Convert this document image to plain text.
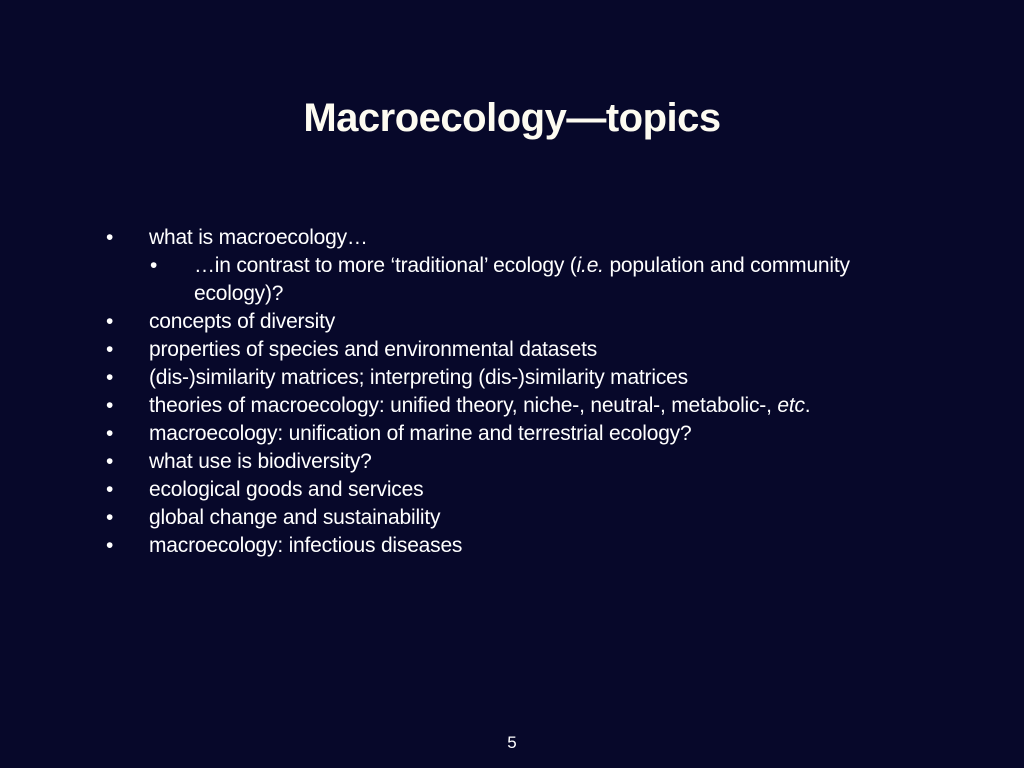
Macroecology—topics
•	what is macroecology…
•	…in contrast to more ‘traditional’ ecology (i.e. population and community ecology)?
•	concepts of diversity
•	properties of species and environmental datasets
•	(dis-)similarity matrices; interpreting (dis-)similarity matrices
•	theories of macroecology: unified theory, niche-, neutral-, metabolic-, etc.
•	macroecology: unification of marine and terrestrial ecology?
•	what use is biodiversity?
•	ecological goods and services
•	global change and sustainability
•	macroecology: infectious diseases
5
